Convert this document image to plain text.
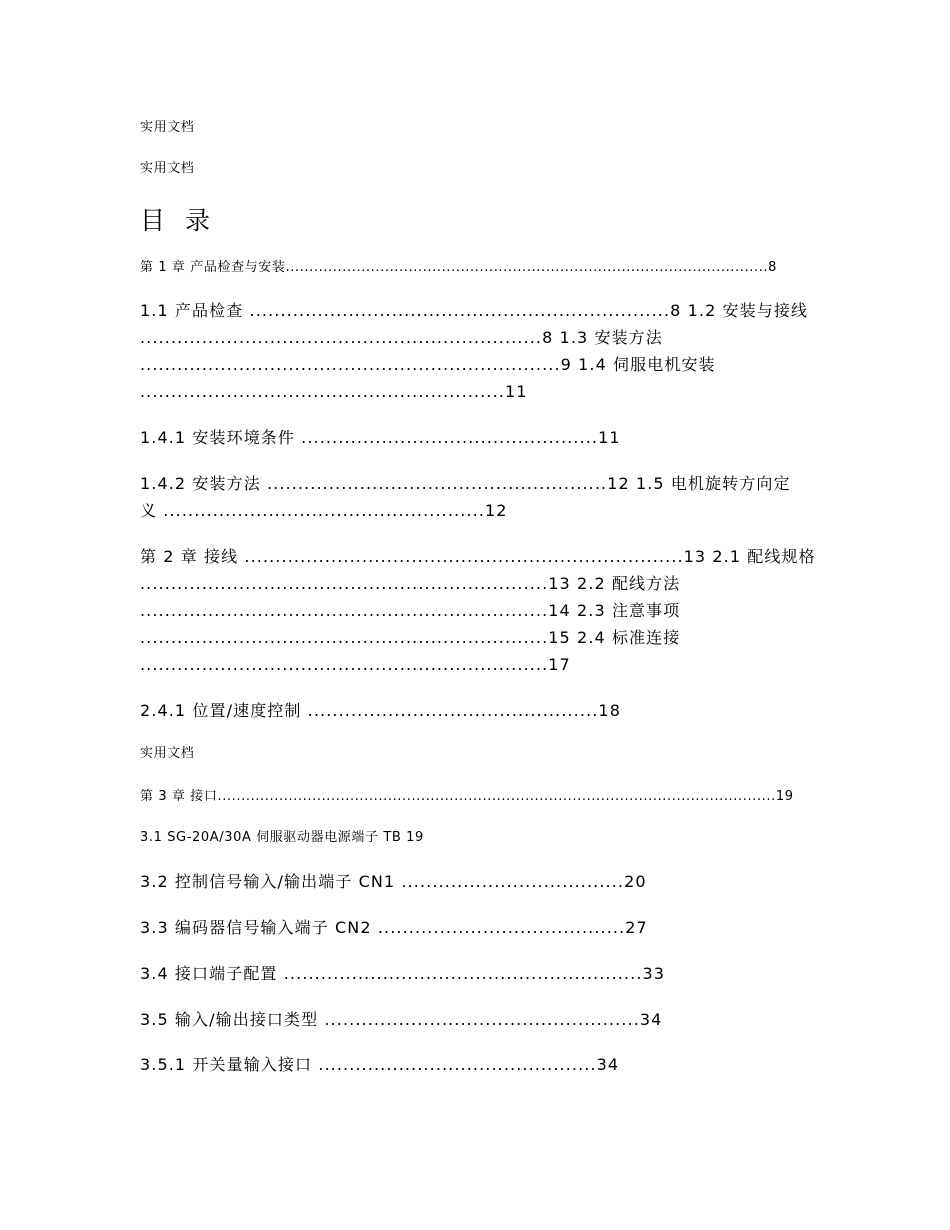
实用文档
实用文档
目 录
第 1 章 产品检查与安装......................................................................................................8
1.1 产品检查 ....................................................................8 1.2 安装与接线
.................................................................8 1.3 安装方法
....................................................................9 1.4 伺服电机安装
...........................................................11
1.4.1 安装环境条件 ................................................11
1.4.2 安装方法 .......................................................12 1.5 电机旋转方向定
义 ....................................................12
第 2 章 接线 .......................................................................13 2.1 配线规格
..................................................................13 2.2 配线方法
..................................................................14 2.3 注意事项
..................................................................15 2.4 标准连接
..................................................................17
2.4.1 位置/速度控制 ...............................................18
实用文档
第 3 章 接口......................................................................................................................19
3.1 SG-20A/30A 伺服驱动器电源端子 TB 19
3.2 控制信号输入/输出端子 CN1 ....................................20
3.3 编码器信号输入端子 CN2 ........................................27
3.4 接口端子配置 ..........................................................33
3.5 输入/输出接口类型 ...................................................34
3.5.1 开关量输入接口 .............................................34
